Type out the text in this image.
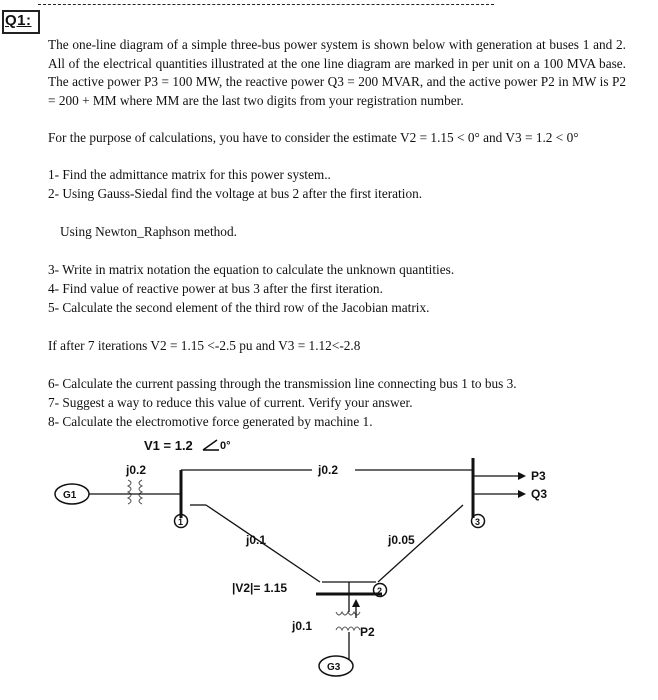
Q1:

The one-line diagram of a simple three-bus power system is shown below with generation at buses 1 and 2. All of the electrical quantities illustrated at the one line diagram are marked in per unit on a 100 MVA base. The active power P3 = 100 MW, the reactive power Q3 = 200 MVAR, and the active power P2 in MW is P2 = 200 + MM where MM are the last two digits from your registration number.

For the purpose of calculations, you have to consider the estimate V2 = 1.15 < 0° and V3 = 1.2 < 0°

1- Find the admittance matrix for this power system..

2- Using Gauss-Siedal find the voltage at bus 2 after the first iteration.

Using Newton_Raphson method.

3- Write in matrix notation the equation to calculate the unknown quantities.

4- Find value of reactive power at bus 3 after the first iteration.

5- Calculate the second element of the third row of the Jacobian matrix.

If after 7 iterations V2 = 1.15 <-2.5 pu and V3 = 1.12<-2.8

6- Calculate the current passing through the transmission line connecting bus 1 to bus 3.

7- Suggest a way to reduce this value of current. Verify your answer.

8- Calculate the electromotive force generated by machine 1.

V1 = 1.2 0°
G1
j0.2	j0.2
1
j0.1
P3
Q3
3
j0.05
|V2|= 1.15	2
j0.1	P2
G3
